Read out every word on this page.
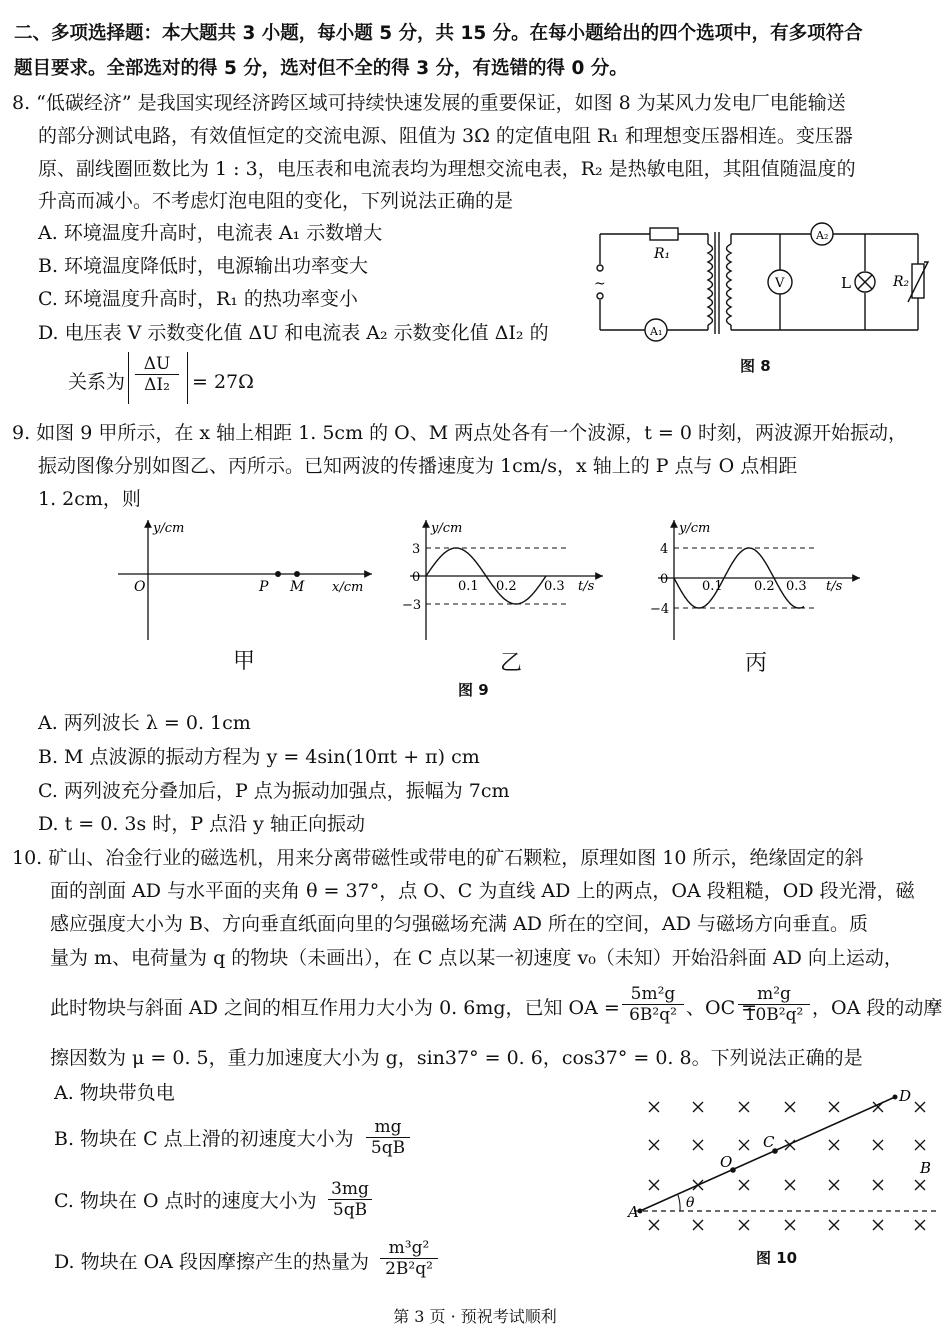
二、多项选择题：本大题共 3 小题，每小题 5 分，共 15 分。在每小题给出的四个选项中，有多项符合
题目要求。全部选对的得 5 分，选对但不全的得 3 分，有选错的得 0 分。
8. “低碳经济” 是我国实现经济跨区域可持续快速发展的重要保证，如图 8 为某风力发电厂电能输送
的部分测试电路，有效值恒定的交流电源、阻值为 3Ω 的定值电阻 R₁ 和理想变压器相连。变压器
原、副线圈匝数比为 1 : 3，电压表和电流表均为理想交流电表，R₂ 是热敏电阻，其阻值随温度的
升高而减小。不考虑灯泡电阻的变化，下列说法正确的是
A. 环境温度升高时，电流表 A₁ 示数增大
B. 环境温度降低时，电源输出功率变大
C. 环境温度升高时，R₁ 的热功率变小
D. 电压表 V 示数变化值 ΔU 和电流表 A₂ 示数变化值 ΔI₂ 的
关系为 $\frac{\Delta U}{\text{ΔI₂}} = 27\Omega$
R₁
A₁
A₂
V	L	R₂
~
图 8
9. 如图 9 甲所示，在 x 轴上相距 1. 5cm 的 O、M 两点处各有一个波源，t = 0 时刻，两波源开始振动，
振动图像分别如图乙、丙所示。已知两波的传播速度为 1cm/s，x 轴上的 P 点与 O 点相距
1. 2cm，则
y/cm
x/cm
O	P M
甲
y/cm
t/s
0
3
−3
0.1 0.2 0.3
乙
y/cm
t/s
0
4
−4
0.1 0.2 0.3
丙
图 9
A. 两列波长 λ = 0. 1cm
B. M 点波源的振动方程为 y = 4sin(10πt + π) cm
C. 两列波充分叠加后，P 点为振动加强点，振幅为 7cm
D. t = 0. 3s 时，P 点沿 y 轴正向振动
10. 矿山、冶金行业的磁选机，用来分离带磁性或带电的矿石颗粒，原理如图 10 所示，绝缘固定的斜
面的剖面 AD 与水平面的夹角 θ = 37°，点 O、C 为直线 AD 上的两点，OA 段粗糙，OD 段光滑，磁
感应强度大小为 B、方向垂直纸面向里的匀强磁场充满 AD 所在的空间，AD 与磁场方向垂直。质
量为 m、电荷量为 q 的物块（未画出），在 C 点以某一初速度 v₀（未知）开始沿斜面 AD 向上运动，
此时物块与斜面 AD 之间的相互作用力大小为 0. 6mg，已知 OA = $\frac{\text{5m²g}}{\text{6B²q²}}$ 、OC =
$\frac{\text{m²g}}{\text{10B²q²}}$ ，OA 段的动摩
擦因数为 μ = 0. 5，重力加速度大小为 g，sin37° = 0. 6，cos37° = 0. 8。下列说法正确的是
A. 物块带负电
B. 物块在 C 点上滑的初速度大小为 $\frac{mg}{5qB}$
C. 物块在 O 点时的速度大小为 $\frac{3mg}{5qB}$
D. 物块在 OA 段因摩擦产生的热量为 $\frac{\text{m³g²}}{\text{2B²q²}}$
A
O
C
D
B
θ
图 10
第 3 页 · 预祝考试顺利
